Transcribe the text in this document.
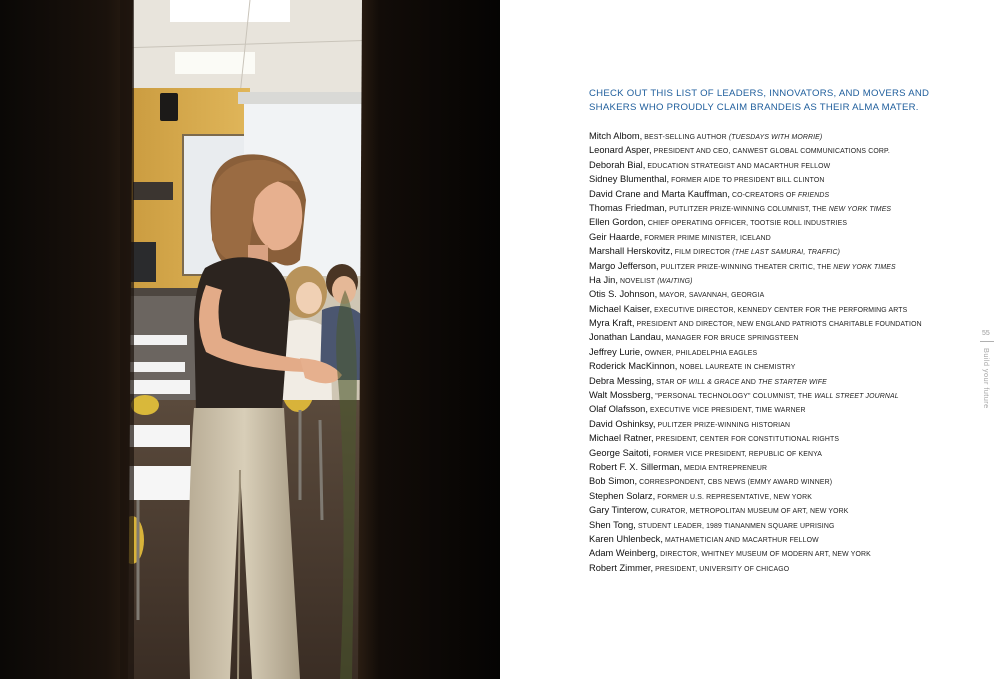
CHECK OUT THIS LIST OF LEADERS, INNOVATORS, AND MOVERS AND SHAKERS WHO PROUDLY CLAIM BRANDEIS AS THEIR ALMA MATER.

Mitch Albom, BEST-SELLING AUTHOR (TUESDAYS WITH MORRIE)
Leonard Asper, PRESIDENT AND CEO, CANWEST GLOBAL COMMUNICATIONS CORP.
Deborah Bial, EDUCATION STRATEGIST AND MACARTHUR FELLOW
Sidney Blumenthal, FORMER AIDE TO PRESIDENT BILL CLINTON
David Crane and Marta Kauffman, CO-CREATORS OF FRIENDS
Thomas Friedman, PUTLITZER PRIZE-WINNING COLUMNIST, THE NEW YORK TIMES
Ellen Gordon, CHIEF OPERATING OFFICER, TOOTSIE ROLL INDUSTRIES
Geir Haarde, FORMER PRIME MINISTER, ICELAND
Marshall Herskovitz, FILM DIRECTOR (THE LAST SAMURAI, TRAFFIC)
Margo Jefferson, PULITZER PRIZE-WINNING THEATER CRITIC, THE NEW YORK TIMES
Ha Jin, NOVELIST (WAITING)
Otis S. Johnson, MAYOR, SAVANNAH, GEORGIA
Michael Kaiser, EXECUTIVE DIRECTOR, KENNEDY CENTER FOR THE PERFORMING ARTS
Myra Kraft, PRESIDENT AND DIRECTOR, NEW ENGLAND PATRIOTS CHARITABLE FOUNDATION
Jonathan Landau, MANAGER FOR BRUCE SPRINGSTEEN
Jeffrey Lurie, OWNER, PHILADELPHIA EAGLES
Roderick MacKinnon, NOBEL LAUREATE IN CHEMISTRY
Debra Messing, STAR OF WILL & GRACE AND THE STARTER WIFE
Walt Mossberg, "PERSONAL TECHNOLOGY" COLUMNIST, THE WALL STREET JOURNAL
Olaf Olafsson, EXECUTIVE VICE PRESIDENT, TIME WARNER
David Oshinksy, PULITZER PRIZE-WINNING HISTORIAN
Michael Ratner, PRESIDENT, CENTER FOR CONSTITUTIONAL RIGHTS
George Saitoti, FORMER VICE PRESIDENT, REPUBLIC OF KENYA
Robert F. X. Sillerman, MEDIA ENTREPRENEUR
Bob Simon, CORRESPONDENT, CBS NEWS (EMMY AWARD WINNER)
Stephen Solarz, FORMER U.S. REPRESENTATIVE, NEW YORK
Gary Tinterow, CURATOR, METROPOLITAN MUSEUM OF ART, NEW YORK
Shen Tong, STUDENT LEADER, 1989 TIANANMEN SQUARE UPRISING
Karen Uhlenbeck, MATHAMETICIAN AND MACARTHUR FELLOW
Adam Weinberg, DIRECTOR, WHITNEY MUSEUM OF MODERN ART, NEW YORK
Robert Zimmer, PRESIDENT, UNIVERSITY OF CHICAGO
55
Build your future
